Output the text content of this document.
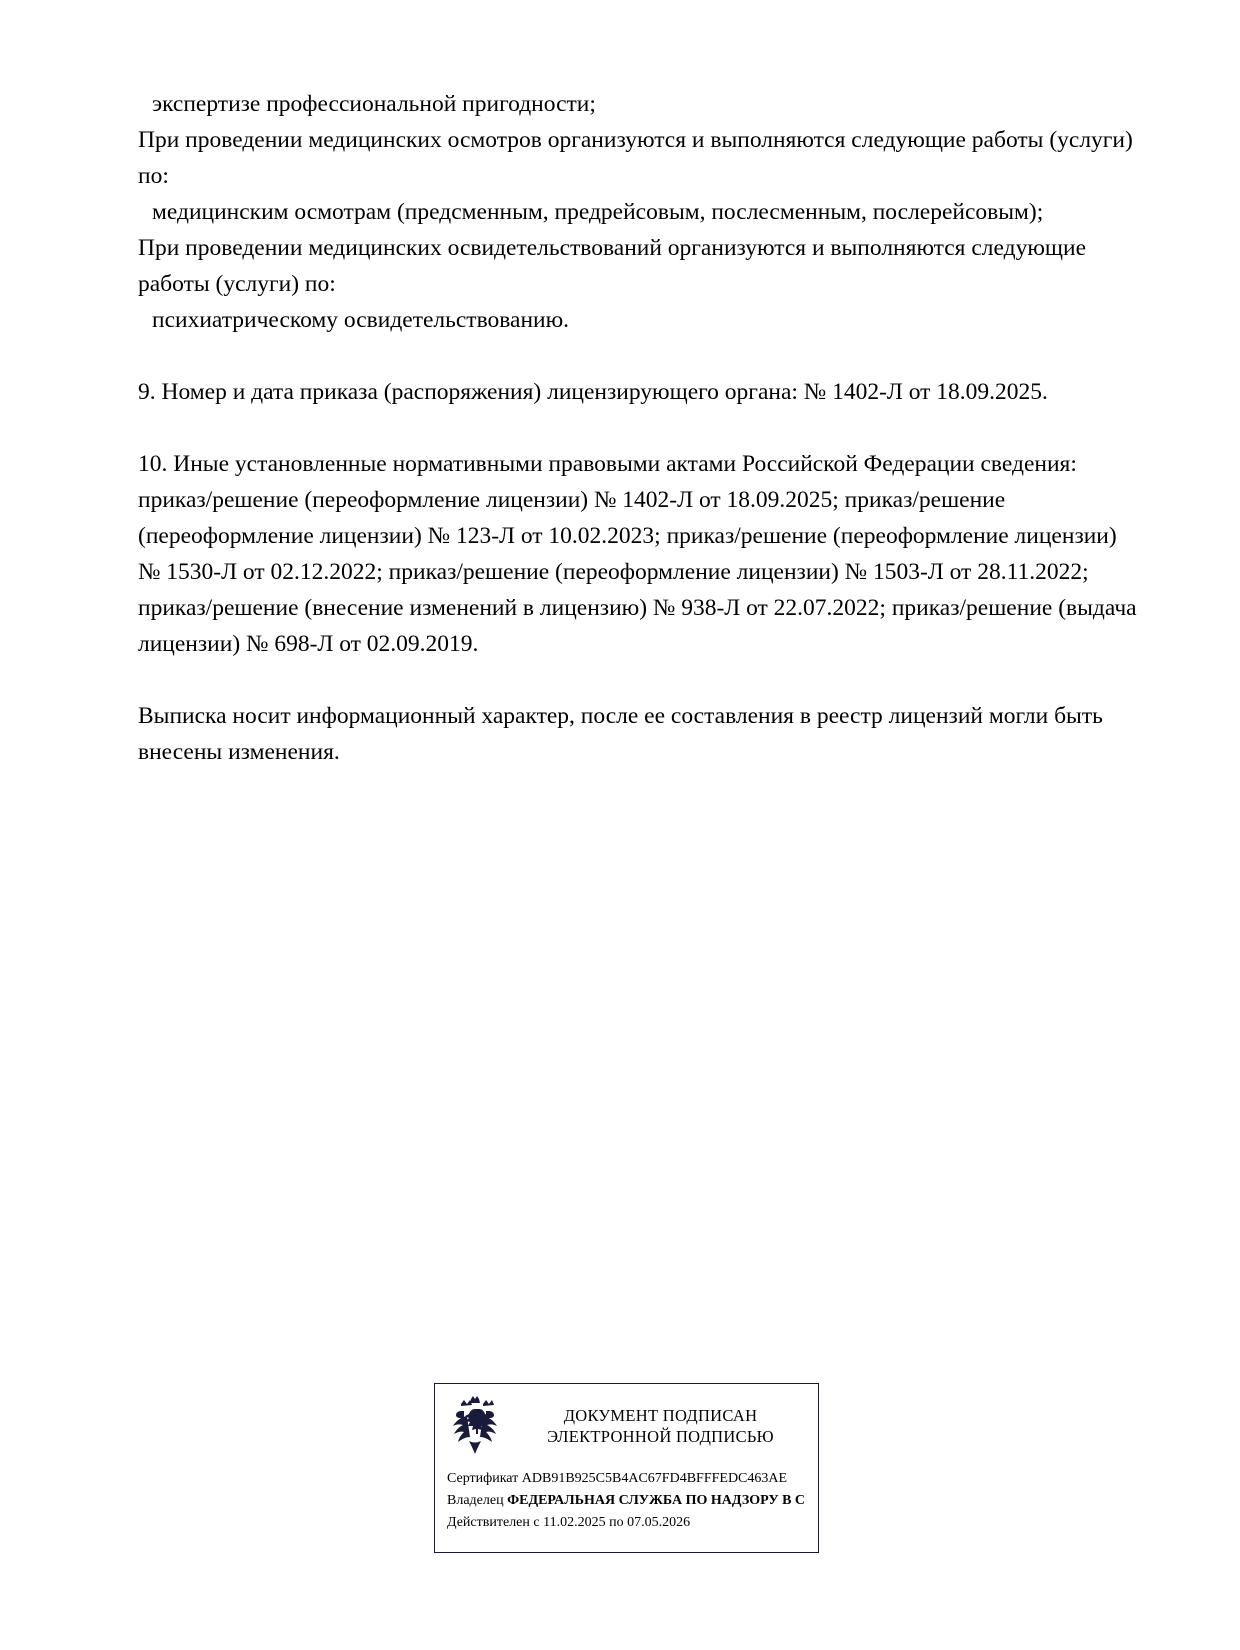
экспертизе профессиональной пригодности;

При проведении медицинских осмотров организуются и выполняются следующие работы (услуги) по:

медицинским осмотрам (предсменным, предрейсовым, послесменным, послерейсовым);

При проведении медицинских освидетельствований организуются и выполняются следующие работы (услуги) по:

психиатрическому освидетельствованию.

9. Номер и дата приказа (распоряжения) лицензирующего органа: № 1402-Л от 18.09.2025.

10. Иные установленные нормативными правовыми актами Российской Федерации сведения: приказ/решение (переоформление лицензии) № 1402-Л от 18.09.2025; приказ/решение (переоформление лицензии) № 123-Л от 10.02.2023; приказ/решение (переоформление лицензии) № 1530-Л от 02.12.2022; приказ/решение (переоформление лицензии) № 1503-Л от 28.11.2022; приказ/решение (внесение изменений в лицензию) № 938-Л от 22.07.2022; приказ/решение (выдача лицензии) № 698-Л от 02.09.2019.

Выписка носит информационный характер, после ее составления в реестр лицензий могли быть внесены изменения.

ДОКУМЕНТ ПОДПИСАН
ЭЛЕКТРОННОЙ ПОДПИСЬЮ
Сертификат ADB91B925C5B4AC67FD4BFFFEDC463AE
Владелец ФЕДЕРАЛЬНАЯ СЛУЖБА ПО НАДЗОРУ В С
Действителен с 11.02.2025 по 07.05.2026
